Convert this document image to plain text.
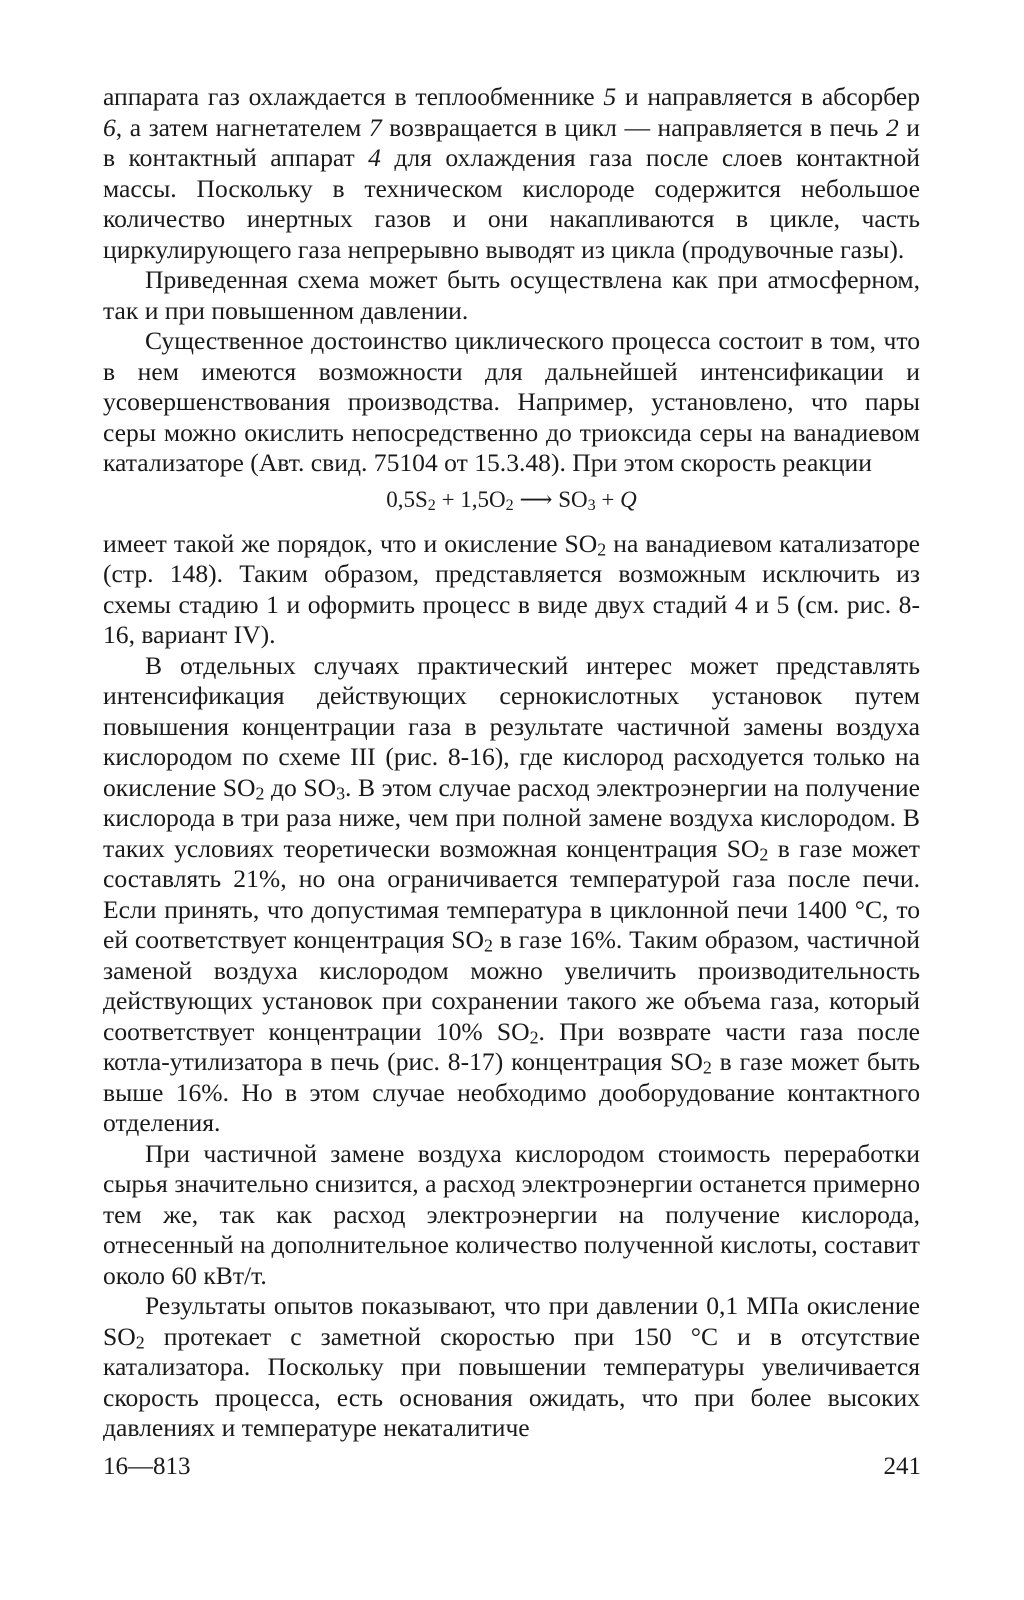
аппарата газ охлаждается в теплообменнике 5 и направляется в абсорбер 6, а затем нагнетателем 7 возвращается в цикл — направляется в печь 2 и в контактный аппарат 4 для охлаждения газа после слоев контактной массы. Поскольку в техническом кислороде содержится небольшое количество инертных газов и они накапливаются в цикле, часть циркулирующего газа непрерывно выводят из цикла (продувочные газы).

Приведенная схема может быть осуществлена как при атмосферном, так и при повышенном давлении.

Существенное достоинство циклического процесса состоит в том, что в нем имеются возможности для дальнейшей интенсификации и усовершенствования производства. Например, установлено, что пары серы можно окислить непосредственно до триоксида серы на ванадиевом катализаторе (Авт. свид. 75104 от 15.3.48). При этом скорость реакции

$0,5S_2 + 1,5O_2$ ⟶ $SO_3 + Q$

имеет такой же порядок, что и окисление $SO_2$ на ванадиевом катализаторе (стр. 148). Таким образом, представляется возможным исключить из схемы стадию 1 и оформить процесс в виде двух стадий 4 и 5 (см. рис. 8-16, вариант IV).

В отдельных случаях практический интерес может представлять интенсификация действующих сернокислотных установок путем повышения концентрации газа в результате частичной замены воздуха кислородом по схеме III (рис. 8-16), где кислород расходуется только на окисление $SO_2$ до $SO_3$. В этом случае расход электроэнергии на получение кислорода в три раза ниже, чем при полной замене воздуха кислородом. В таких условиях теоретически возможная концентрация $SO_2$ в газе может составлять 21%, но она ограничивается температурой газа после печи. Если принять, что допустимая температура в циклонной печи 1400 °С, то ей соответствует концентрация $SO_2$ в газе 16%. Таким образом, частичной заменой воздуха кислородом можно увеличить производительность действующих установок при сохранении такого же объема газа, который соответствует концентрации 10% $SO_2$. При возврате части газа после котла-утилизатора в печь (рис. 8-17) концентрация $SO_2$ в газе может быть выше 16%. Но в этом случае необходимо дооборудование контактного отделения.

При частичной замене воздуха кислородом стоимость переработки сырья значительно снизится, а расход электроэнергии останется примерно тем же, так как расход электроэнергии на получение кислорода, отнесенный на дополнительное количество полученной кислоты, составит около 60 кВт/т.

Результаты опытов показывают, что при давлении 0,1 МПа окисление $SO_2$ протекает с заметной скоростью при 150 °С и в отсутствие катализатора. Поскольку при повышении температуры увеличивается скорость процесса, есть основания ожидать, что при более высоких давлениях и температуре некаталитиче

16—813	241
